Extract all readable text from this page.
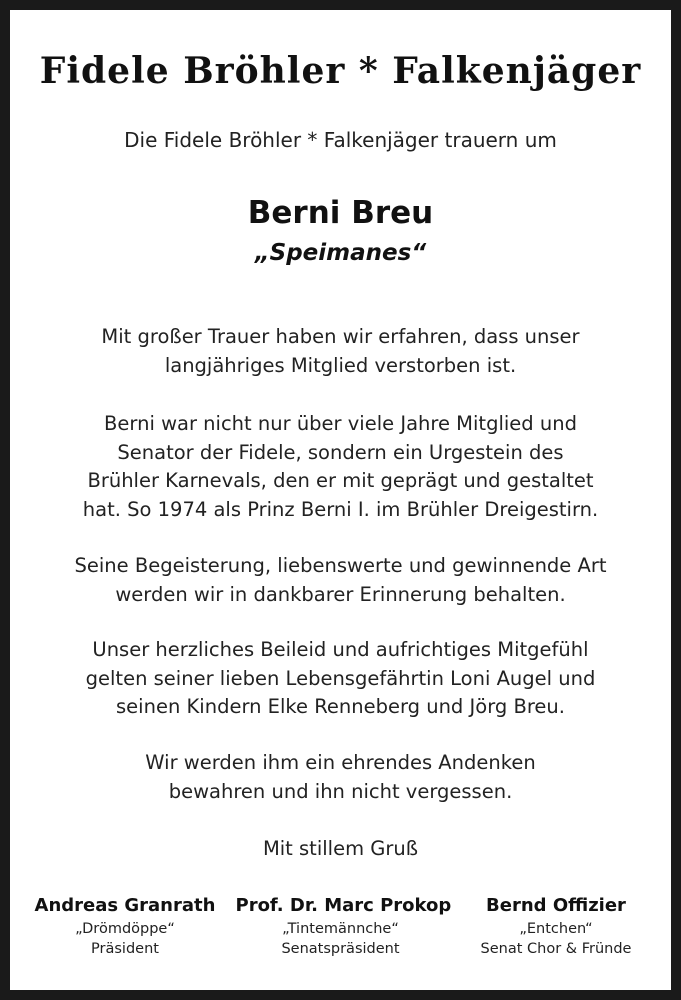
Fidele Bröhler * Falkenjäger
Die Fidele Bröhler * Falkenjäger trauern um
Berni Breu
„Speimanes“
Mit großer Trauer haben wir erfahren, dass unser
langjähriges Mitglied verstorben ist.
Berni war nicht nur über viele Jahre Mitglied und
Senator der Fidele, sondern ein Urgestein des
Brühler Karnevals, den er mit geprägt und gestaltet
hat. So 1974 als Prinz Berni I. im Brühler Dreigestirn.
Seine Begeisterung, liebenswerte und gewinnende Art
werden wir in dankbarer Erinnerung behalten.
Unser herzliches Beileid und aufrichtiges Mitgefühl
gelten seiner lieben Lebensgefährtin Loni Augel und
seinen Kindern Elke Renneberg und Jörg Breu.
Wir werden ihm ein ehrendes Andenken
bewahren und ihn nicht vergessen.
Mit stillem Gruß
Andreas Granrath
„Drömdöppe“
Präsident
Prof. Dr. Marc Prokop
„Tintemännche“
Senatspräsident
Bernd Offizier
„Entchen“
Senat Chor & Fründe
